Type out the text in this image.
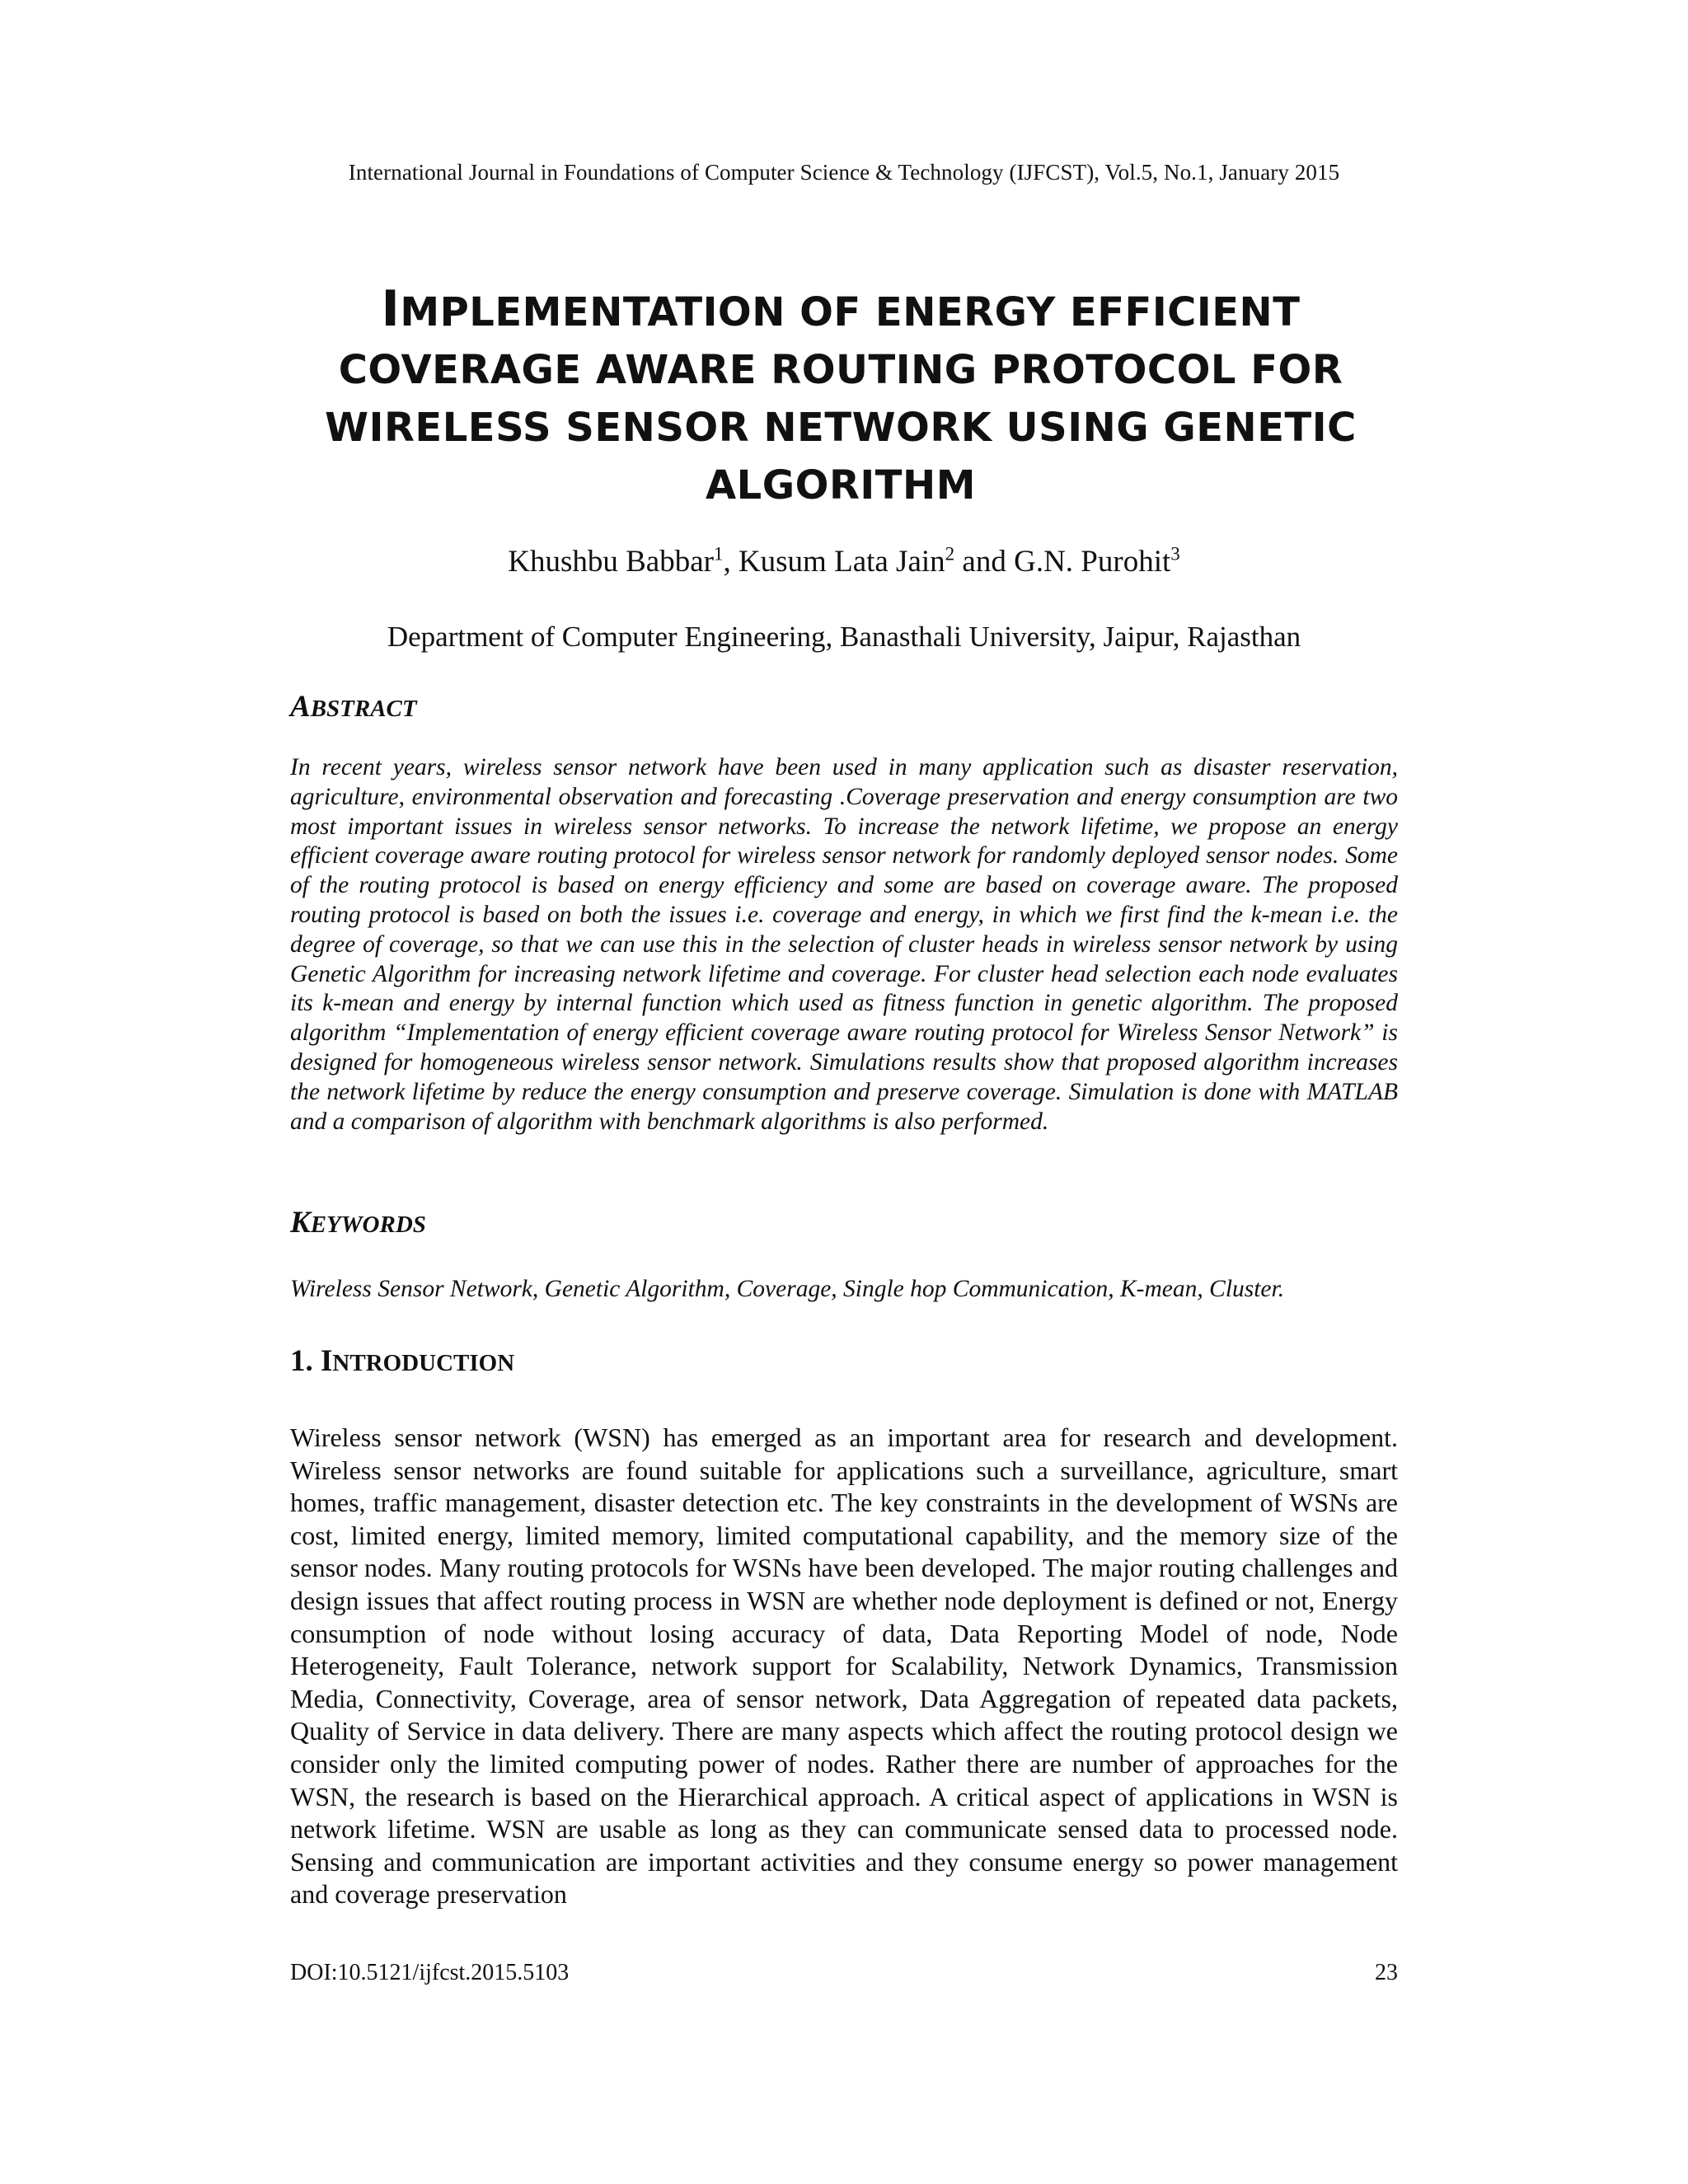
International Journal in Foundations of Computer Science & Technology (IJFCST), Vol.5, No.1, January 2015
IMPLEMENTATION OF ENERGY EFFICIENT
COVERAGE AWARE ROUTING PROTOCOL FOR
WIRELESS SENSOR NETWORK USING GENETIC
ALGORITHM
Khushbu Babbar$^1$, Kusum Lata Jain$^2$ and G.N. Purohit$^3$
Department of Computer Engineering, Banasthali University, Jaipur, Rajasthan
ABSTRACT

In recent years, wireless sensor network have been used in many application such as disaster reservation, agriculture, environmental observation and forecasting .Coverage preservation and energy consumption are two most important issues in wireless sensor networks. To increase the network lifetime, we propose an energy efficient coverage aware routing protocol for wireless sensor network for randomly deployed sensor nodes. Some of the routing protocol is based on energy efficiency and some are based on coverage aware. The proposed routing protocol is based on both the issues i.e. coverage and energy, in which we first find the k-mean i.e. the degree of coverage, so that we can use this in the selection of cluster heads in wireless sensor network by using Genetic Algorithm for increasing network lifetime and coverage. For cluster head selection each node evaluates its k-mean and energy by internal function which used as fitness function in genetic algorithm. The proposed algorithm “Implementation of energy efficient coverage aware routing protocol for Wireless Sensor Network” is designed for homogeneous wireless sensor network. Simulations results show that proposed algorithm increases the network lifetime by reduce the energy consumption and preserve coverage. Simulation is done with MATLAB and a comparison of algorithm with benchmark algorithms is also performed.

KEYWORDS

Wireless Sensor Network, Genetic Algorithm, Coverage, Single hop Communication, K-mean, Cluster.

1. INTRODUCTION

Wireless sensor network (WSN) has emerged as an important area for research and development. Wireless sensor networks are found suitable for applications such a surveillance, agriculture, smart homes, traffic management, disaster detection etc. The key constraints in the development of WSNs are cost, limited energy, limited memory, limited computational capability, and the memory size of the sensor nodes. Many routing protocols for WSNs have been developed. The major routing challenges and design issues that affect routing process in WSN are whether node deployment is defined or not, Energy consumption of node without losing accuracy of data, Data Reporting Model of node, Node Heterogeneity, Fault Tolerance, network support for Scalability, Network Dynamics, Transmission Media, Connectivity, Coverage, area of sensor network, Data Aggregation of repeated data packets, Quality of Service in data delivery. There are many aspects which affect the routing protocol design we consider only the limited computing power of nodes. Rather there are number of approaches for the WSN, the research is based on the Hierarchical approach. A critical aspect of applications in WSN is network lifetime. WSN are usable as long as they can communicate sensed data to processed node. Sensing and communication are important activities and they consume energy so power management and coverage preservation

DOI:10.5121/ijfcst.2015.5103	23
